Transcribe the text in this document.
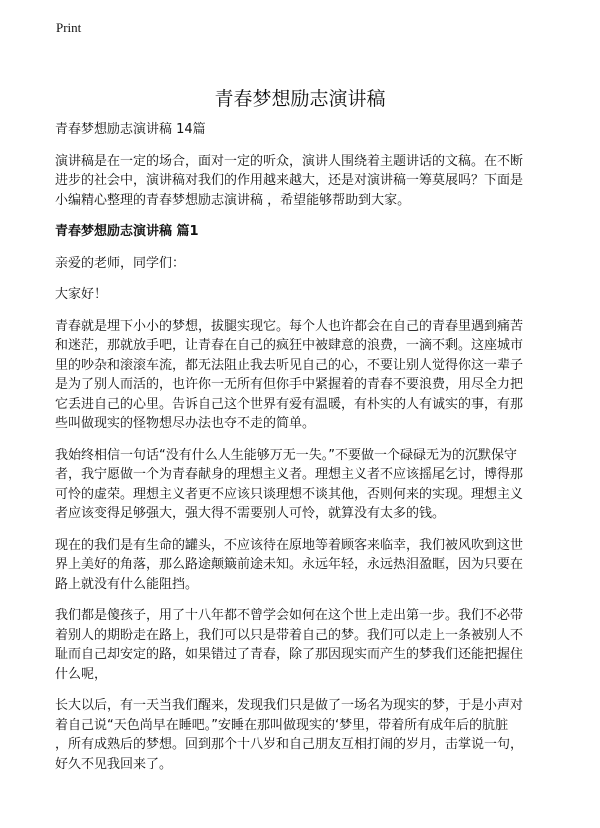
Print
青春梦想励志演讲稿

青春梦想励志演讲稿 14篇

演讲稿是在一定的场合，面对一定的听众，演讲人围绕着主题讲话的文稿。在不断
进步的社会中，演讲稿对我们的作用越来越大，还是对演讲稿一筹莫展吗？下面是
小编精心整理的青春梦想励志演讲稿 ，希望能够帮助到大家。

青春梦想励志演讲稿 篇1

亲爱的老师，同学们：

大家好！

青春就是埋下小小的梦想，拔腿实现它。每个人也许都会在自己的青春里遇到痛苦
和迷茫，那就放手吧，让青春在自己的疯狂中被肆意的浪费，一滴不剩。这座城市
里的吵杂和滚滚车流，都无法阻止我去听见自己的心，不要让别人觉得你这一辈子
是为了别人而活的，也许你一无所有但你手中紧握着的青春不要浪费，用尽全力把
它丢进自己的心里。告诉自己这个世界有爱有温暖，有朴实的人有诚实的事，有那
些叫做现实的怪物想尽办法也夺不走的简单。

我始终相信一句话“没有什么人生能够万无一失。”不要做一个碌碌无为的沉默保守
者，我宁愿做一个为青春献身的理想主义者。理想主义者不应该摇尾乞讨，博得那
可怜的虚荣。理想主义者更不应该只谈理想不谈其他，否则何来的实现。理想主义
者应该变得足够强大，强大得不需要别人可怜，就算没有太多的钱。

现在的我们是有生命的罐头，不应该待在原地等着顾客来临幸，我们被风吹到这世
界上美好的角落，那么路途颠簸前途未知。永远年轻，永远热泪盈眶，因为只要在
路上就没有什么能阻挡。

我们都是傻孩子，用了十八年都不曾学会如何在这个世上走出第一步。我们不必带
着别人的期盼走在路上，我们可以只是带着自己的梦。我们可以走上一条被别人不
耻而自己却安定的路，如果错过了青春，除了那因现实而产生的梦我们还能把握住
什么呢，

长大以后，有一天当我们醒来，发现我们只是做了一场名为现实的梦，于是小声对
着自己说“天色尚早在睡吧。”安睡在那叫做现实的‘梦里，带着所有成年后的肮脏
，所有成熟后的梦想。回到那个十八岁和自己朋友互相打闹的岁月，击掌说一句，
好久不见我回来了。
